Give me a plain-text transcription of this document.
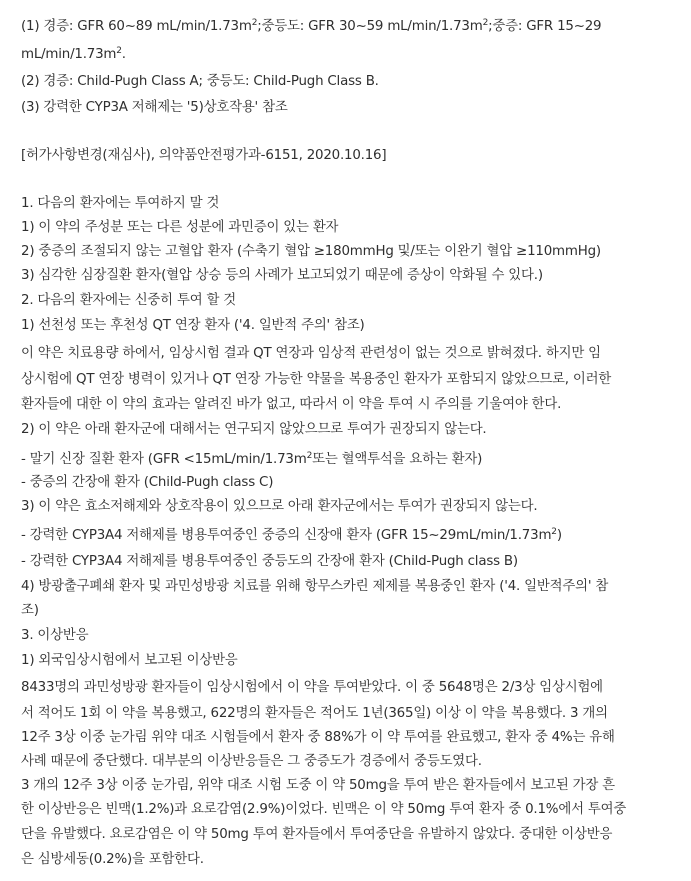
(1) 경증: GFR 60~89 $mL/\min/1.73m^2$;중등도: GFR 30~59 $mL/\min/1.73m^2$;중증: GFR 15~29
$mL/\min/1.73m^2$.
(2) 경증: Child-Pugh Class A; 중등도: Child-Pugh Class B.
(3) 강력한 CYP3A 저해제는 '5)상호작용' 참조
[허가사항변경(재심사), 의약품안전평가과-6151, 2020.10.16]
1. 다음의 환자에는 투여하지 말 것
1) 이 약의 주성분 또는 다른 성분에 과민증이 있는 환자
2) 중증의 조절되지 않는 고혈압 환자 (수축기 혈압 ≥180mmHg 및/또는 이완기 혈압 ≥110mmHg)
3) 심각한 심장질환 환자(혈압 상승 등의 사례가 보고되었기 때문에 증상이 악화될 수 있다.)
2. 다음의 환자에는 신중히 투여 할 것
1) 선천성 또는 후천성 QT 연장 환자 ('4. 일반적 주의' 참조)
이 약은 치료용량 하에서, 임상시험 결과 QT 연장과 임상적 관련성이 없는 것으로 밝혀졌다. 하지만 임
상시험에 QT 연장 병력이 있거나 QT 연장 가능한 약물을 복용중인 환자가 포함되지 않았으므로, 이러한
환자들에 대한 이 약의 효과는 알려진 바가 없고, 따라서 이 약을 투여 시 주의를 기울여야 한다.
2) 이 약은 아래 환자군에 대해서는 연구되지 않았으므로 투여가 권장되지 않는다.
- 말기 신장 질환 환자 ($GFR <15mL/\min/1.73m^2$또는 혈액투석을 요하는 환자)
- 중증의 간장애 환자 (Child-Pugh class C)
3) 이 약은 효소저해제와 상호작용이 있으므로 아래 환자군에서는 투여가 권장되지 않는다.
- 강력한 CYP3A4 저해제를 병용투여중인 중증의 신장애 환자 (GFR $15\sim 29mL/\min/1.73m^2$)
- 강력한 CYP3A4 저해제를 병용투여중인 중등도의 간장애 환자 (Child-Pugh class B)
4) 방광출구폐쇄 환자 및 과민성방광 치료를 위해 항무스카린 제제를 복용중인 환자 ('4. 일반적주의' 참
조)
3. 이상반응
1) 외국임상시험에서 보고된 이상반응
8433명의 과민성방광 환자들이 임상시험에서 이 약을 투여받았다. 이 중 5648명은 2/3상 임상시험에
서 적어도 1회 이 약을 복용했고, 622명의 환자들은 적어도 1년(365일) 이상 이 약을 복용했다. 3 개의
12주 3상 이중 눈가림 위약 대조 시험들에서 환자 중 88%가 이 약 투여를 완료했고, 환자 중 4%는 유해
사례 때문에 중단했다. 대부분의 이상반응들은 그 중증도가 경증에서 중등도였다.
3 개의 12주 3상 이중 눈가림, 위약 대조 시험 도중 이 약 50mg을 투여 받은 환자들에서 보고된 가장 흔
한 이상반응은 빈맥(1.2%)과 요로감염(2.9%)이었다. 빈맥은 이 약 50mg 투여 환자 중 0.1%에서 투여중
단을 유발했다. 요로감염은 이 약 50mg 투여 환자들에서 투여중단을 유발하지 않았다. 중대한 이상반응
은 심방세동(0.2%)을 포함한다.
